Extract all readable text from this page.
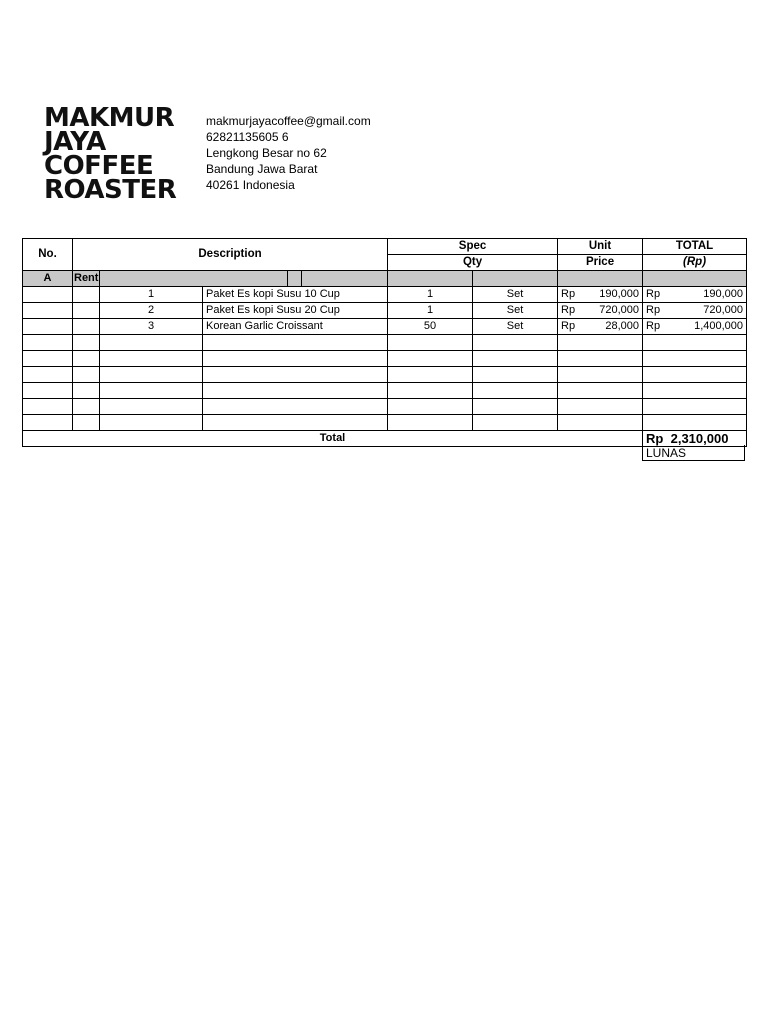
MAKMUR
JAYA
COFFEE
ROASTER
makmurjayacoffee@gmail.com
62821135605 6
Lengkong Besar no 62
Bandung Jawa Barat
40261 Indonesia
No.	Description					Spec		Unit	TOTAL
						Qty		Price	(Rp)
A	Rent								
		1	Paket Es kopi Susu 10 Cup			1	Set	Rp 190,000	Rp 190,000

		2	Paket Es kopi Susu 20 Cup			1	Set	Rp 720,000	Rp 720,000

		3	Korean Garlic Croissant			50	Set	Rp 28,000	Rp 1,400,000

Total									Rp 2,310,000
LUNAS
